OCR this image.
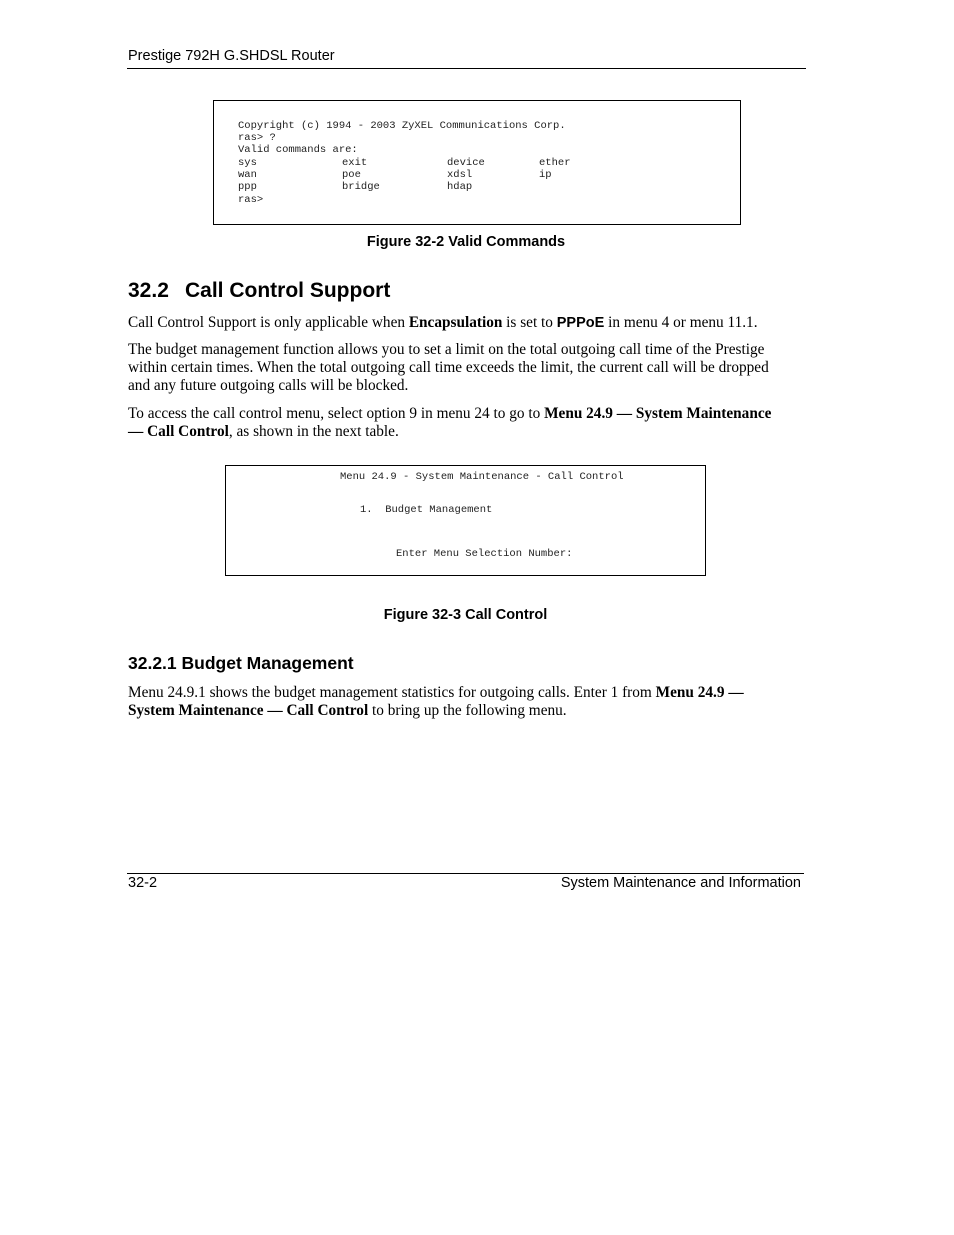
Prestige 792H G.SHDSL Router
Copyright (c) 1994 - 2003 ZyXEL Communications Corp.
ras> ?
Valid commands are:
sys	exit	device	ether
wan	poe	xdsl	ip
ppp	bridge	hdap
ras>
Figure 32-2 Valid Commands
32.2 Call Control Support
Call Control Support is only applicable when Encapsulation is set to PPPoE in menu 4 or menu 11.1.
The budget management function allows you to set a limit on the total outgoing call time of the Prestige within certain times. When the total outgoing call time exceeds the limit, the current call will be dropped and any future outgoing calls will be blocked.
To access the call control menu, select option 9 in menu 24 to go to Menu 24.9 — System Maintenance — Call Control, as shown in the next table.
Menu 24.9 - System Maintenance - Call Control
1.  Budget Management
Enter Menu Selection Number:
Figure 32-3 Call Control
32.2.1 Budget Management
Menu 24.9.1 shows the budget management statistics for outgoing calls. Enter 1 from Menu 24.9 — System Maintenance — Call Control to bring up the following menu.
32-2	System Maintenance and Information
